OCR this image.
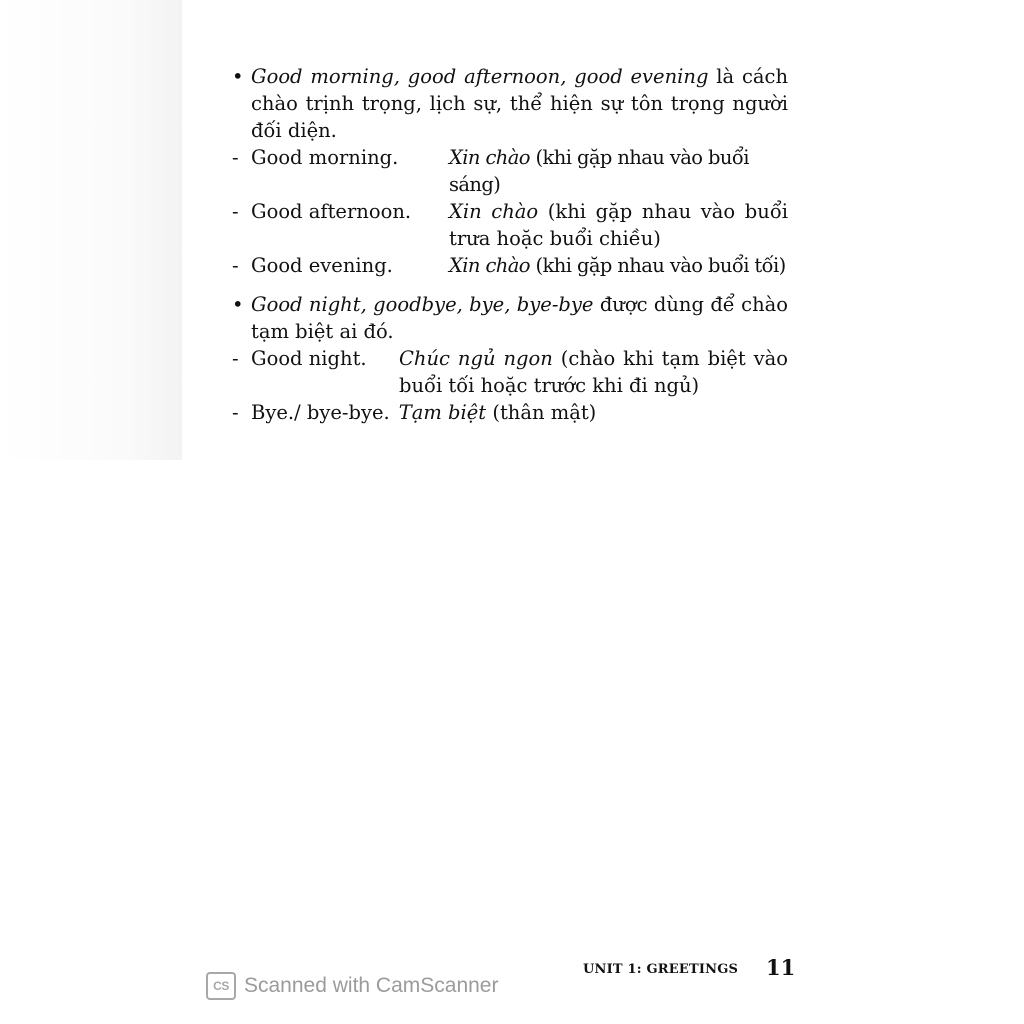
• Good morning, good afternoon, good evening là cách chào trịnh trọng, lịch sự, thể hiện sự tôn trọng người đối diện.
- Good morning.	Xin chào (khi gặp nhau vào buổi sáng)
- Good afternoon.	Xin chào (khi gặp nhau vào buổi trưa hoặc buổi chiều)
- Good evening.	Xin chào (khi gặp nhau vào buổi tối)
• Good night, goodbye, bye, bye-bye được dùng để chào tạm biệt ai đó.
- Good night.	Chúc ngủ ngon (chào khi tạm biệt vào buổi tối hoặc trước khi đi ngủ)
- Bye./ bye-bye. Tạm biệt (thân mật)
CS Scanned with CamScanner
UNIT 1: GREETINGS 11
